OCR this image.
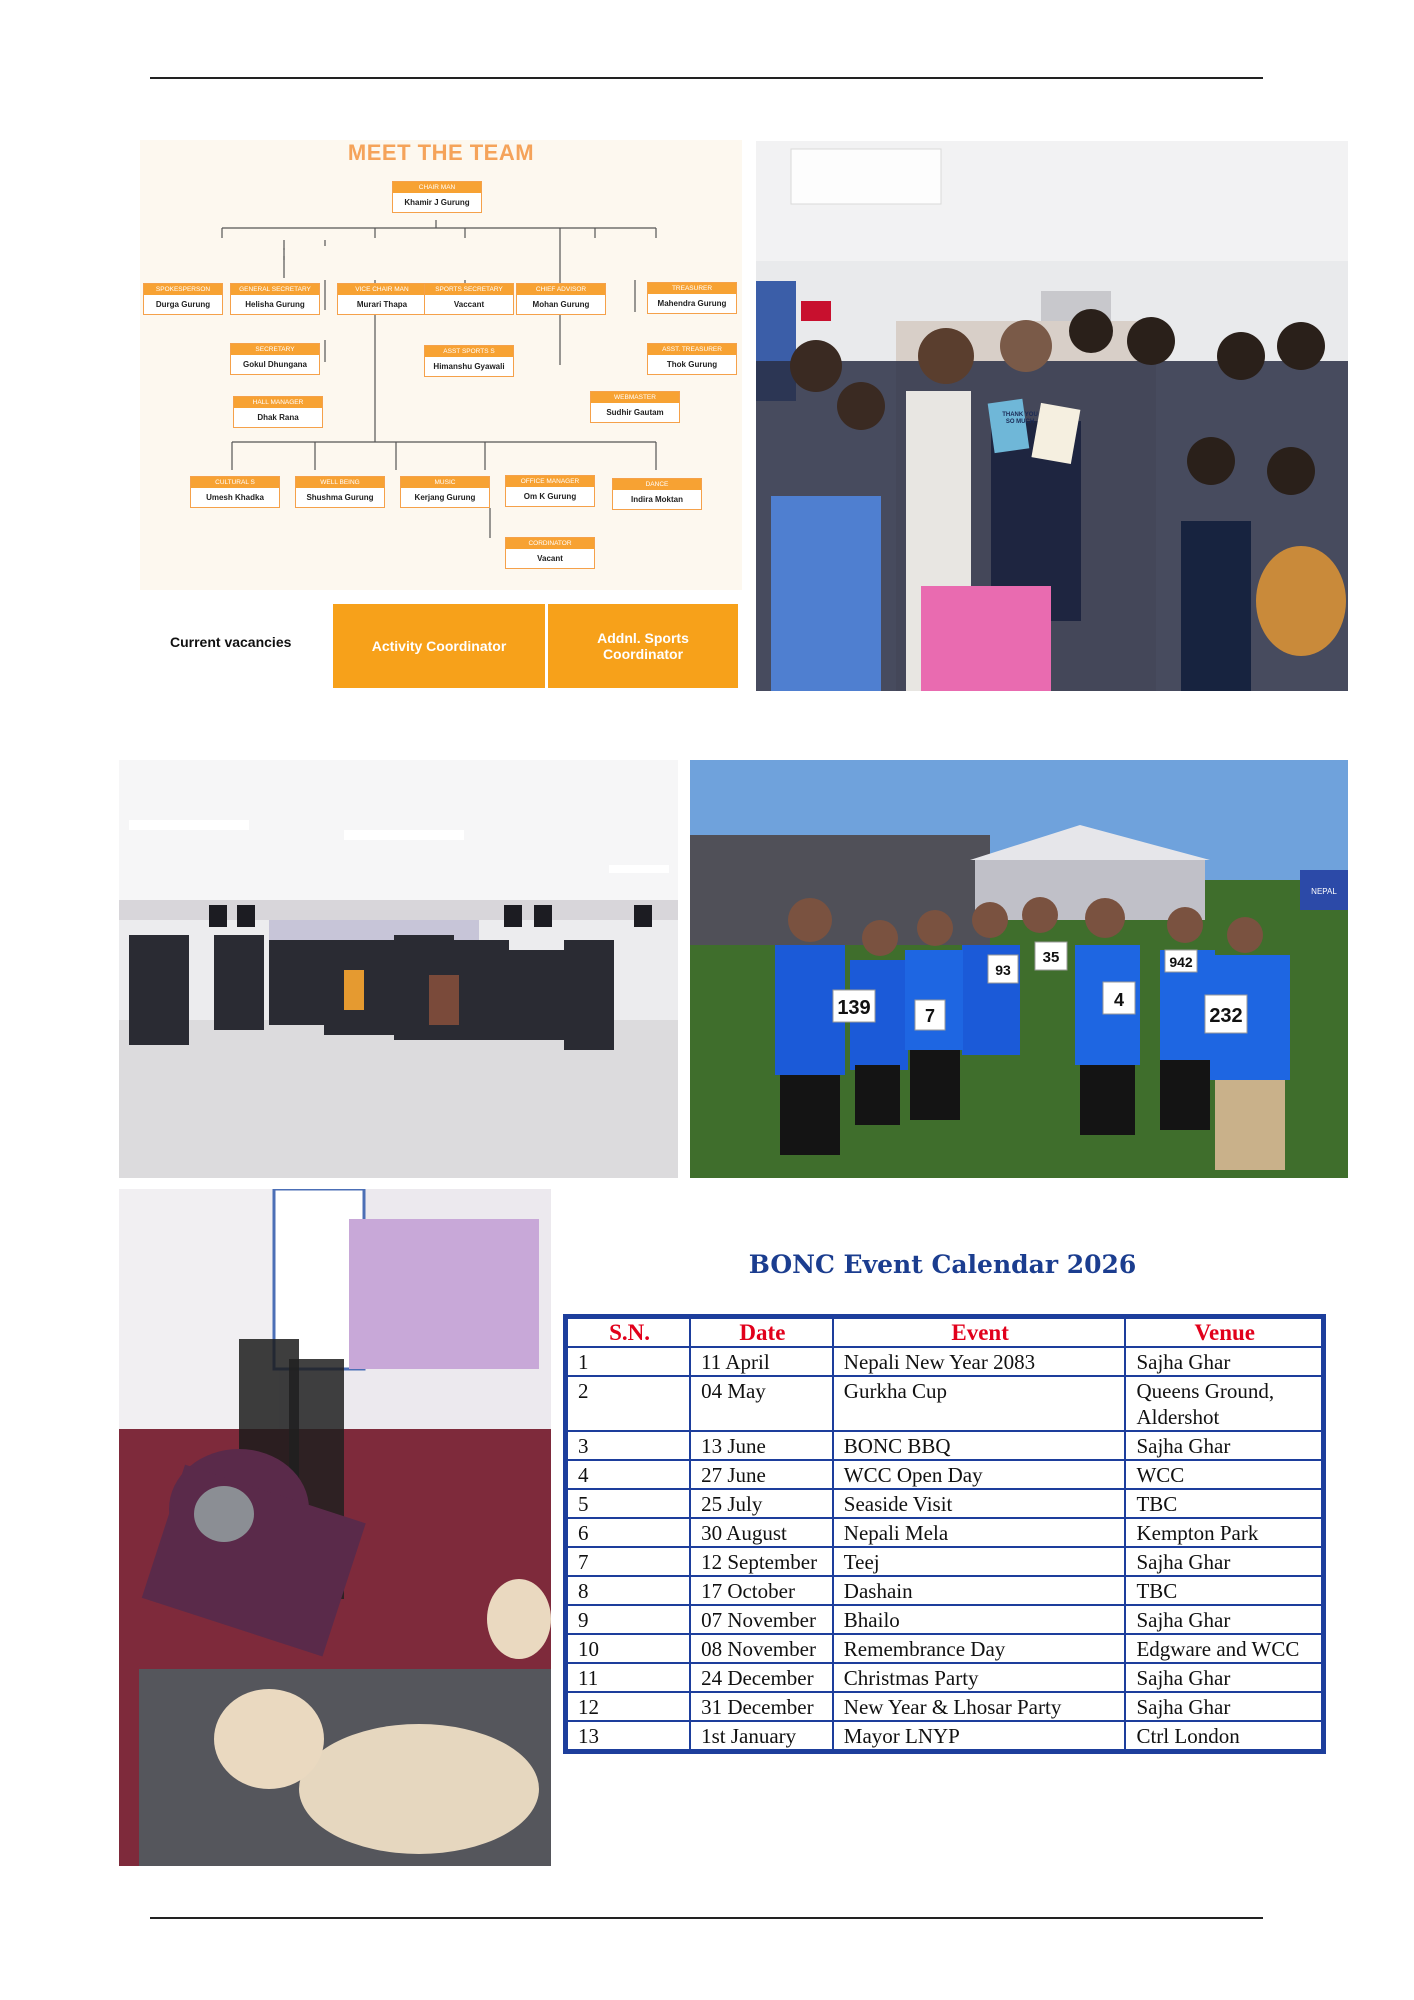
MEET THE TEAM
CHAIR MAN
Khamir J Gurung
SPOKESPERSON
Durga Gurung
GENERAL SECRETARY
Helisha Gurung
VICE CHAIR MAN
Murari Thapa
SPORTS SECRETARY
Vaccant
CHIEF ADVISOR
Mohan Gurung
TREASURER
Mahendra Gurung
SECRETARY
Gokul Dhungana
ASST SPORTS S
Himanshu Gyawali
ASST. TREASURER
Thok Gurung
HALL MANAGER
Dhak Rana
WEBMASTER
Sudhir Gautam
CULTURAL S
Umesh Khadka
WELL BEING
Shushma Gurung
MUSIC
Kerjang Gurung
OFFICE MANAGER
Om K Gurung
DANCE
Indira Moktan
CORDINATOR
Vacant
Current vacancies	Activity Coordinator	Addnl. Sports Coordinator
NEPAL
139	7
93
35
4
942
232
BONC Event Calendar 2026
S.N.	Date	Event	Venue
1	11 April	Nepali New Year 2083	Sajha Ghar
2	04 May	Gurkha Cup	Queens Ground, Aldershot
3	13 June	BONC BBQ	Sajha Ghar
4	27 June	WCC Open Day	WCC
5	25 July	Seaside Visit	TBC
6	30 August	Nepali Mela	Kempton Park
7	12 September	Teej	Sajha Ghar
8	17 October	Dashain	TBC
9	07 November	Bhailo	Sajha Ghar
10	08 November	Remembrance Day	Edgware and WCC
11	24 December	Christmas Party	Sajha Ghar
12	31 December	New Year & Lhosar Party	Sajha Ghar
13	1st January	Mayor LNYP	Ctrl London
THANK YOU SO MUCH
